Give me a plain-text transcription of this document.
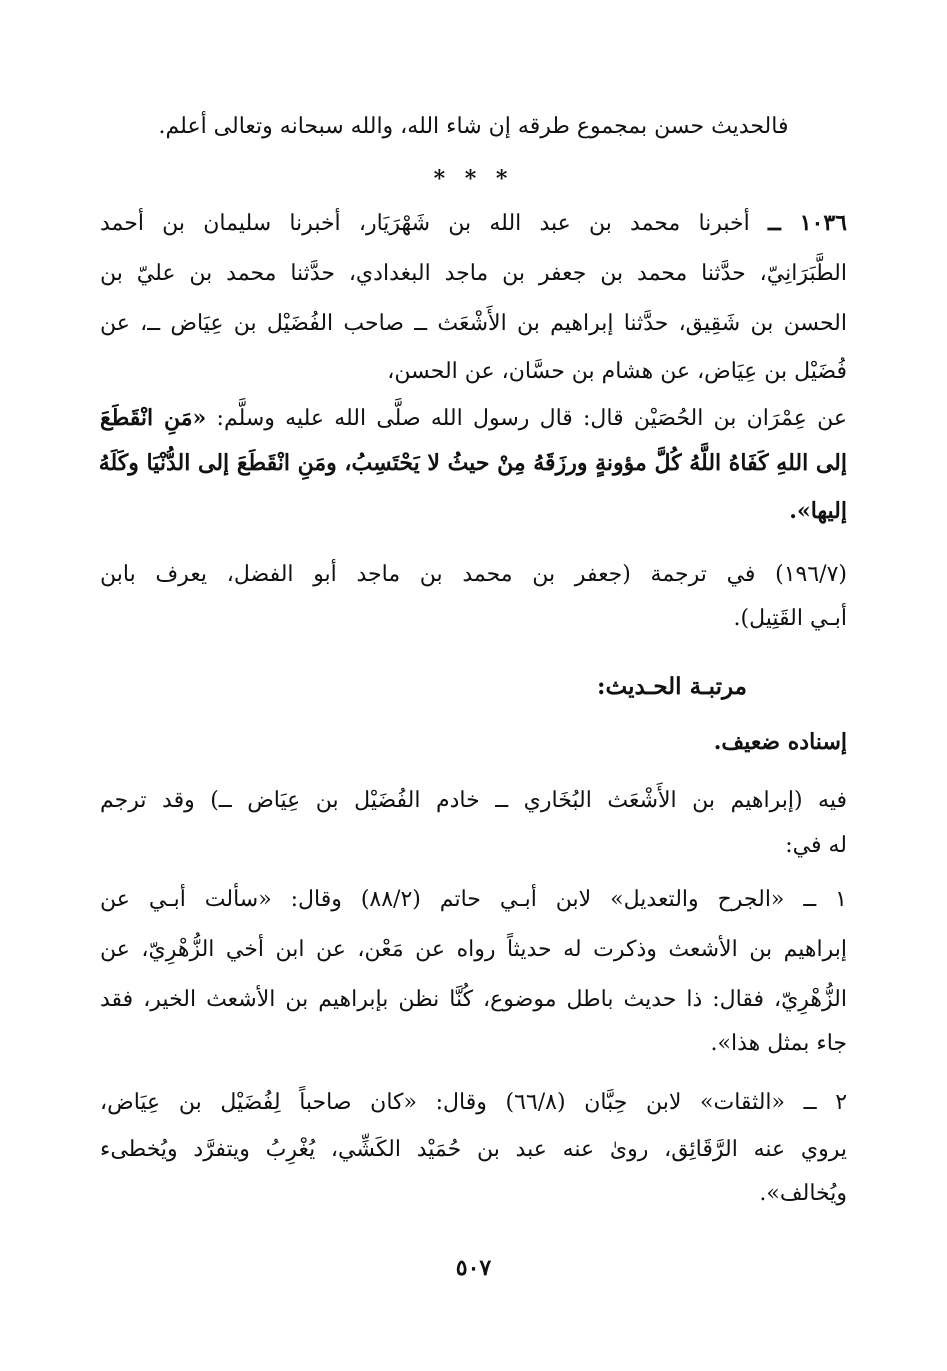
فالحديث حسن بمجموع طرقه إن شاء الله، والله سبحانه وتعالى أعلم.
* * *
١٠٣٦ ــ أخبرنا محمد بن عبد الله بن شَهْرَيَار، أخبرنا سليمان بن أحمد
الطَّبَرَانِيّ، حدَّثنا محمد بن جعفر بن ماجد البغدادي، حدَّثنا محمد بن عليّ بن
الحسن بن شَقِيق، حدَّثنا إبراهيم بن الأَشْعَث ــ صاحب الفُضَيْل بن عِيَاض ــ، عن
فُضَيْل بن عِيَاض، عن هشام بن حسَّان، عن الحسن،
عن عِمْرَان بن الحُصَيْن قال: قال رسول الله صلَّى الله عليه وسلَّم: «مَنِ انْقَطَعَ
إلى اللهِ كَفَاهُ اللَّهُ كُلَّ مؤونةٍ ورزَقَهُ مِنْ حيثُ لا يَحْتَسِبُ، ومَنِ انْقَطَعَ إلى الدُّنْيَا وكَلَهُ
إليها».
(١٩٦/٧) في ترجمة (جعفر بن محمد بن ماجد أبو الفضل، يعرف بابن
أبـي القَتِيل).
مرتبـة الحـديث:
إسناده ضعيف.
فيه (إبراهيم بن الأَشْعَث البُخَاري ــ خادم الفُضَيْل بن عِيَاض ــ) وقد ترجم
له في:
١ ــ «الجرح والتعديل» لابن أبـي حاتم (٨٨/٢) وقال: «سألت أبـي عن
إبراهيم بن الأشعث وذكرت له حديثاً رواه عن مَعْن، عن ابن أخي الزُّهْرِيّ، عن
الزُّهْرِيّ، فقال: ذا حديث باطل موضوع، كُنَّا نظن بإبراهيم بن الأشعث الخير، فقد
جاء بمثل هذا».
٢ ــ «الثقات» لابن حِبَّان (٦٦/٨) وقال: «كان صاحباً لِفُضَيْل بن عِيَاض،
يروي عنه الرَّقَائِق، روىٰ عنه عبد بن حُمَيْد الكَشِّي، يُغْرِبُ ويتفرَّد ويُخطىء
ويُخالف».
٥٠٧
